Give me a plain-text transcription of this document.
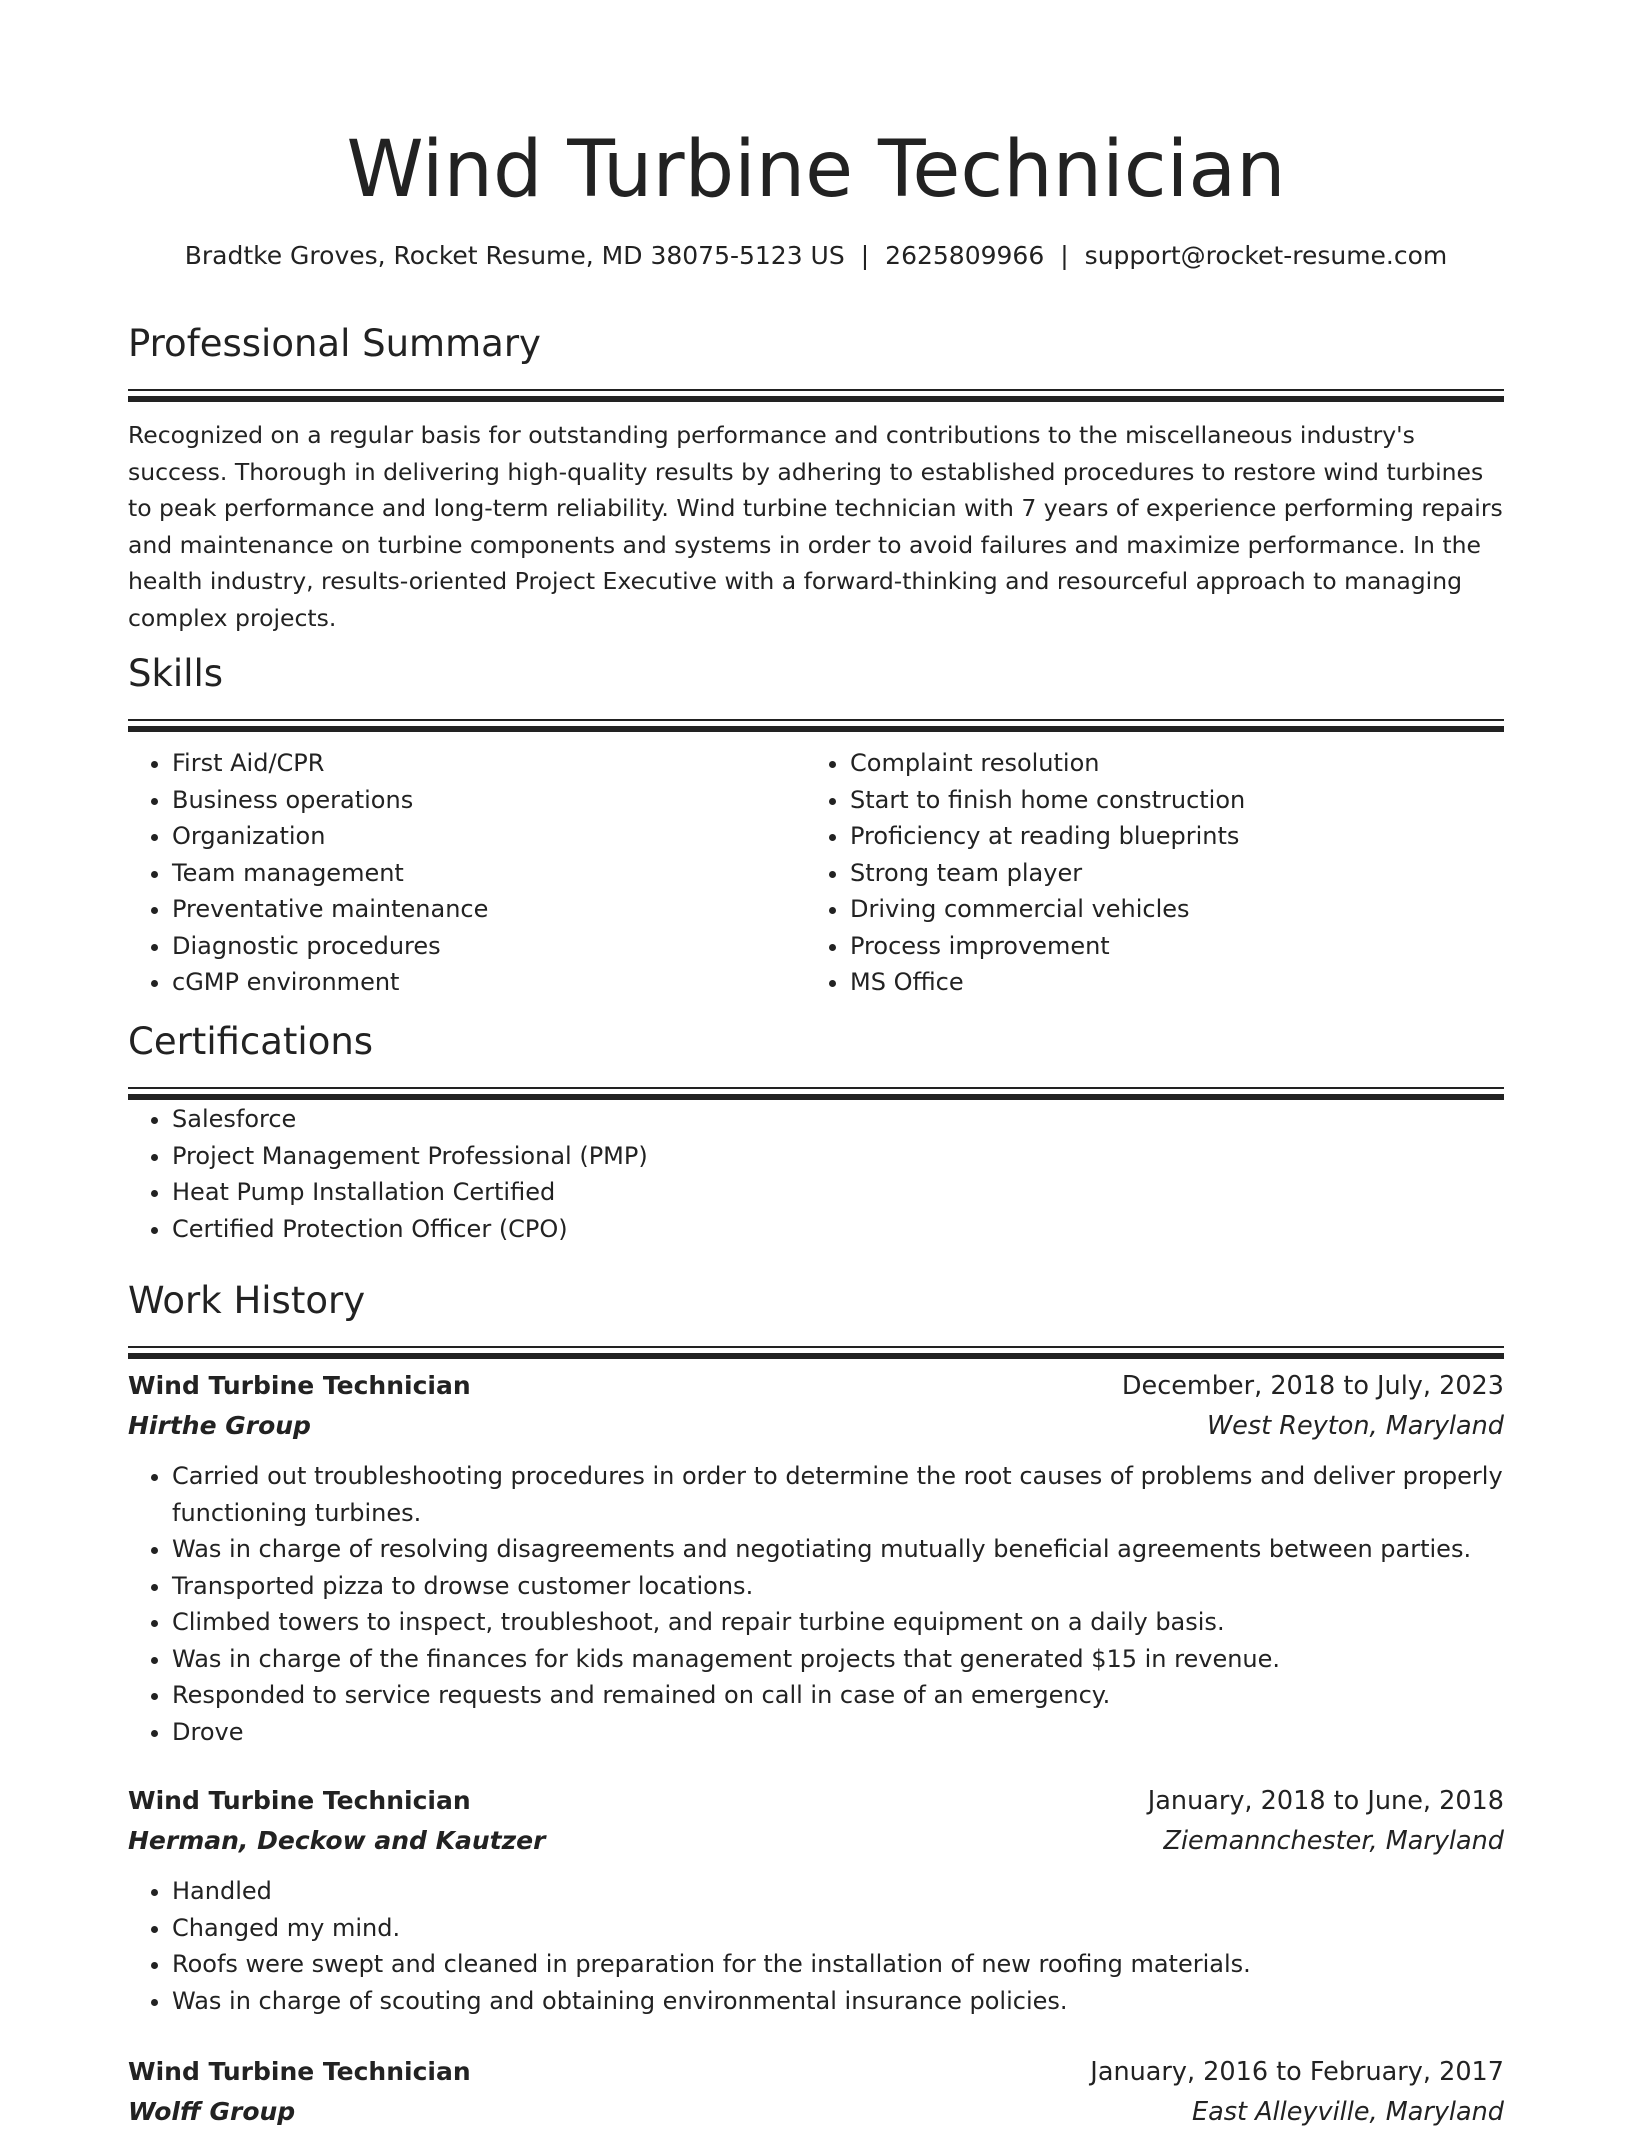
Wind Turbine Technician
Bradtke Groves, Rocket Resume, MD 38075-5123 US | 2625809966 | support@rocket-resume.com
Professional Summary

Recognized on a regular basis for outstanding performance and contributions to the miscellaneous industry's success. Thorough in delivering high-quality results by adhering to established procedures to restore wind turbines to peak performance and long-term reliability. Wind turbine technician with 7 years of experience performing repairs and maintenance on turbine components and systems in order to avoid failures and maximize performance. In the health industry, results-oriented Project Executive with a forward-thinking and resourceful approach to managing complex projects.

Skills
• First Aid/CPR
• Business operations
• Organization
• Team management
• Preventative maintenance
• Diagnostic procedures
• cGMP environment
• Complaint resolution
• Start to finish home construction
• Proficiency at reading blueprints
• Strong team player
• Driving commercial vehicles
• Process improvement
• MS Office
Certifications
• Salesforce
• Project Management Professional (PMP)
• Heat Pump Installation Certified
• Certified Protection Officer (CPO)
Work History
Wind Turbine Technician	December, 2018 to July, 2023
Hirthe Group	West Reyton, Maryland
• Carried out troubleshooting procedures in order to determine the root causes of problems and deliver properly functioning turbines.
• Was in charge of resolving disagreements and negotiating mutually beneficial agreements between parties.
• Transported pizza to drowse customer locations.
• Climbed towers to inspect, troubleshoot, and repair turbine equipment on a daily basis.
• Was in charge of the finances for kids management projects that generated $15 in revenue.
• Responded to service requests and remained on call in case of an emergency.
• Drove
Wind Turbine Technician	January, 2018 to June, 2018
Herman, Deckow and Kautzer	Ziemannchester, Maryland
• Handled
• Changed my mind.
• Roofs were swept and cleaned in preparation for the installation of new roofing materials.
• Was in charge of scouting and obtaining environmental insurance policies.
Wind Turbine Technician	January, 2016 to February, 2017
Wolff Group	East Alleyville, Maryland
